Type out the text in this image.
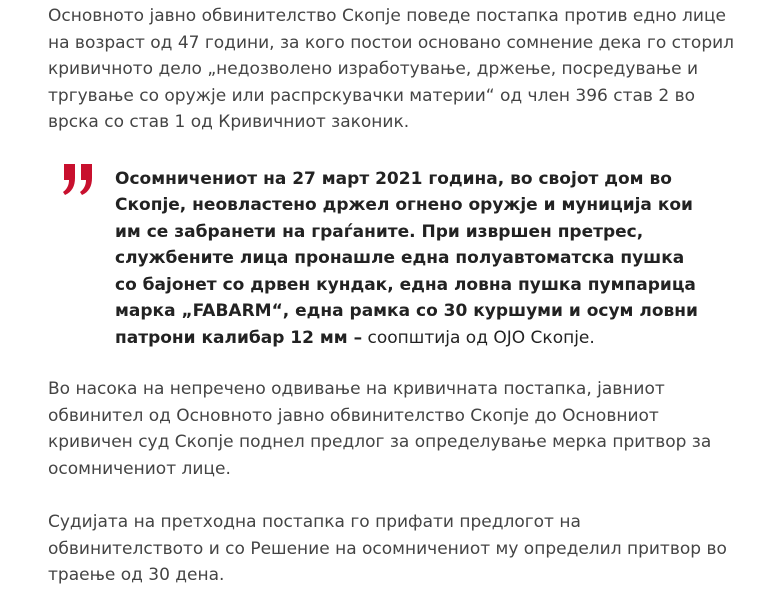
Основното јавно обвинителство Скопје поведе постапка против едно лице на возраст од 47 години, за кого постои основано сомнение дека го сторил кривичното дело „недозволено изработување, држење, посредување и тргување со оружје или распрскувачки материи“ од член 396 став 2 во врска со став 1 од Кривичниот законик.

Осомничениот на 27 март 2021 година, во својот дом во Скопје, неовластено држел огнено оружје и муниција кои им се забранети на граѓаните. При извршен претрес, службените лица пронашле една полуавтоматска пушка со бајонет со дрвен кундак, една ловна пушка пумпарица марка „FABARM“, една рамка со 30 куршуми и осум ловни патрони калибар 12 мм – соопштија од ОЈО Скопје.

Во насока на непречено одвивање на кривичната постапка, јавниот обвинител од Основното јавно обвинителство Скопје до Основниот кривичен суд Скопје поднел предлог за определување мерка притвор за осомничениот лице.

Судијата на претходна постапка го прифати предлогот на обвинителството и со Решение на осомничениот му определил притвор во траење од 30 дена.
